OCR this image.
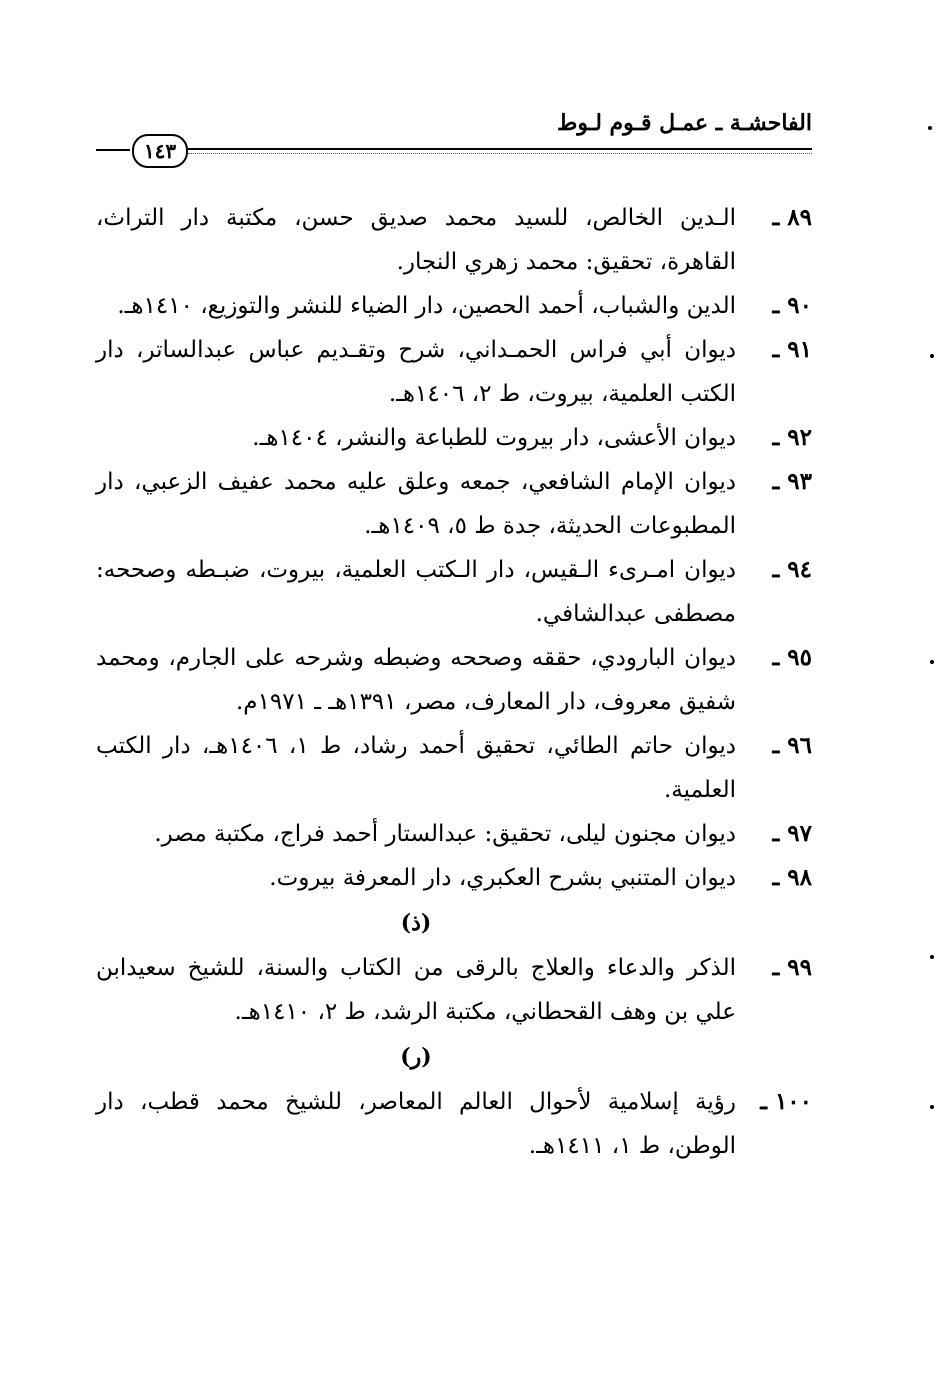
الفاحشـة ـ عمـل قـوم لـوط
١٤٣
٨٩ ـ
الـدين الخالص، للسيد محمد صديق حسن، مكتبة دار التراث، القاهرة، تحقيق: محمد زهري النجار.
٩٠ ـ
الدين والشباب، أحمد الحصين، دار الضياء للنشر والتوزيع، ١٤١٠هـ.
٩١ ـ
ديوان أبي فراس الحمـداني، شرح وتقـديم عباس عبدالساتر، دار الكتب العلمية، بيروت، ط ٢، ١٤٠٦هـ.
٩٢ ـ
ديوان الأعشى، دار بيروت للطباعة والنشر، ١٤٠٤هـ.
٩٣ ـ
ديوان الإمام الشافعي، جمعه وعلق عليه محمد عفيف الزعبي، دار المطبوعات الحديثة، جدة ط ٥، ١٤٠٩هـ.
٩٤ ـ
ديوان امـرىء الـقيس، دار الـكتب العلمية، بيروت، ضبـطه وصححه: مصطفى عبدالشافي.
٩٥ ـ
ديوان البارودي، حققه وصححه وضبطه وشرحه على الجارم، ومحمد شفيق معروف، دار المعارف، مصر، ١٣٩١هـ ـ ١٩٧١م.
٩٦ ـ
ديوان حاتم الطائي، تحقيق أحمد رشاد، ط ١، ١٤٠٦هـ، دار الكتب العلمية.
٩٧ ـ
ديوان مجنون ليلى، تحقيق: عبدالستار أحمد فراج، مكتبة مصر.
٩٨ ـ
ديوان المتنبي بشرح العكبري، دار المعرفة بيروت.
(ذ)
٩٩ ـ
الذكر والدعاء والعلاج بالرقى من الكتاب والسنة، للشيخ سعيدابن علي بن وهف القحطاني، مكتبة الرشد، ط ٢، ١٤١٠هـ.
(ر)
١٠٠ ـ
رؤية إسلامية لأحوال العالم المعاصر، للشيخ محمد قطب، دار الوطن، ط ١، ١٤١١هـ.
